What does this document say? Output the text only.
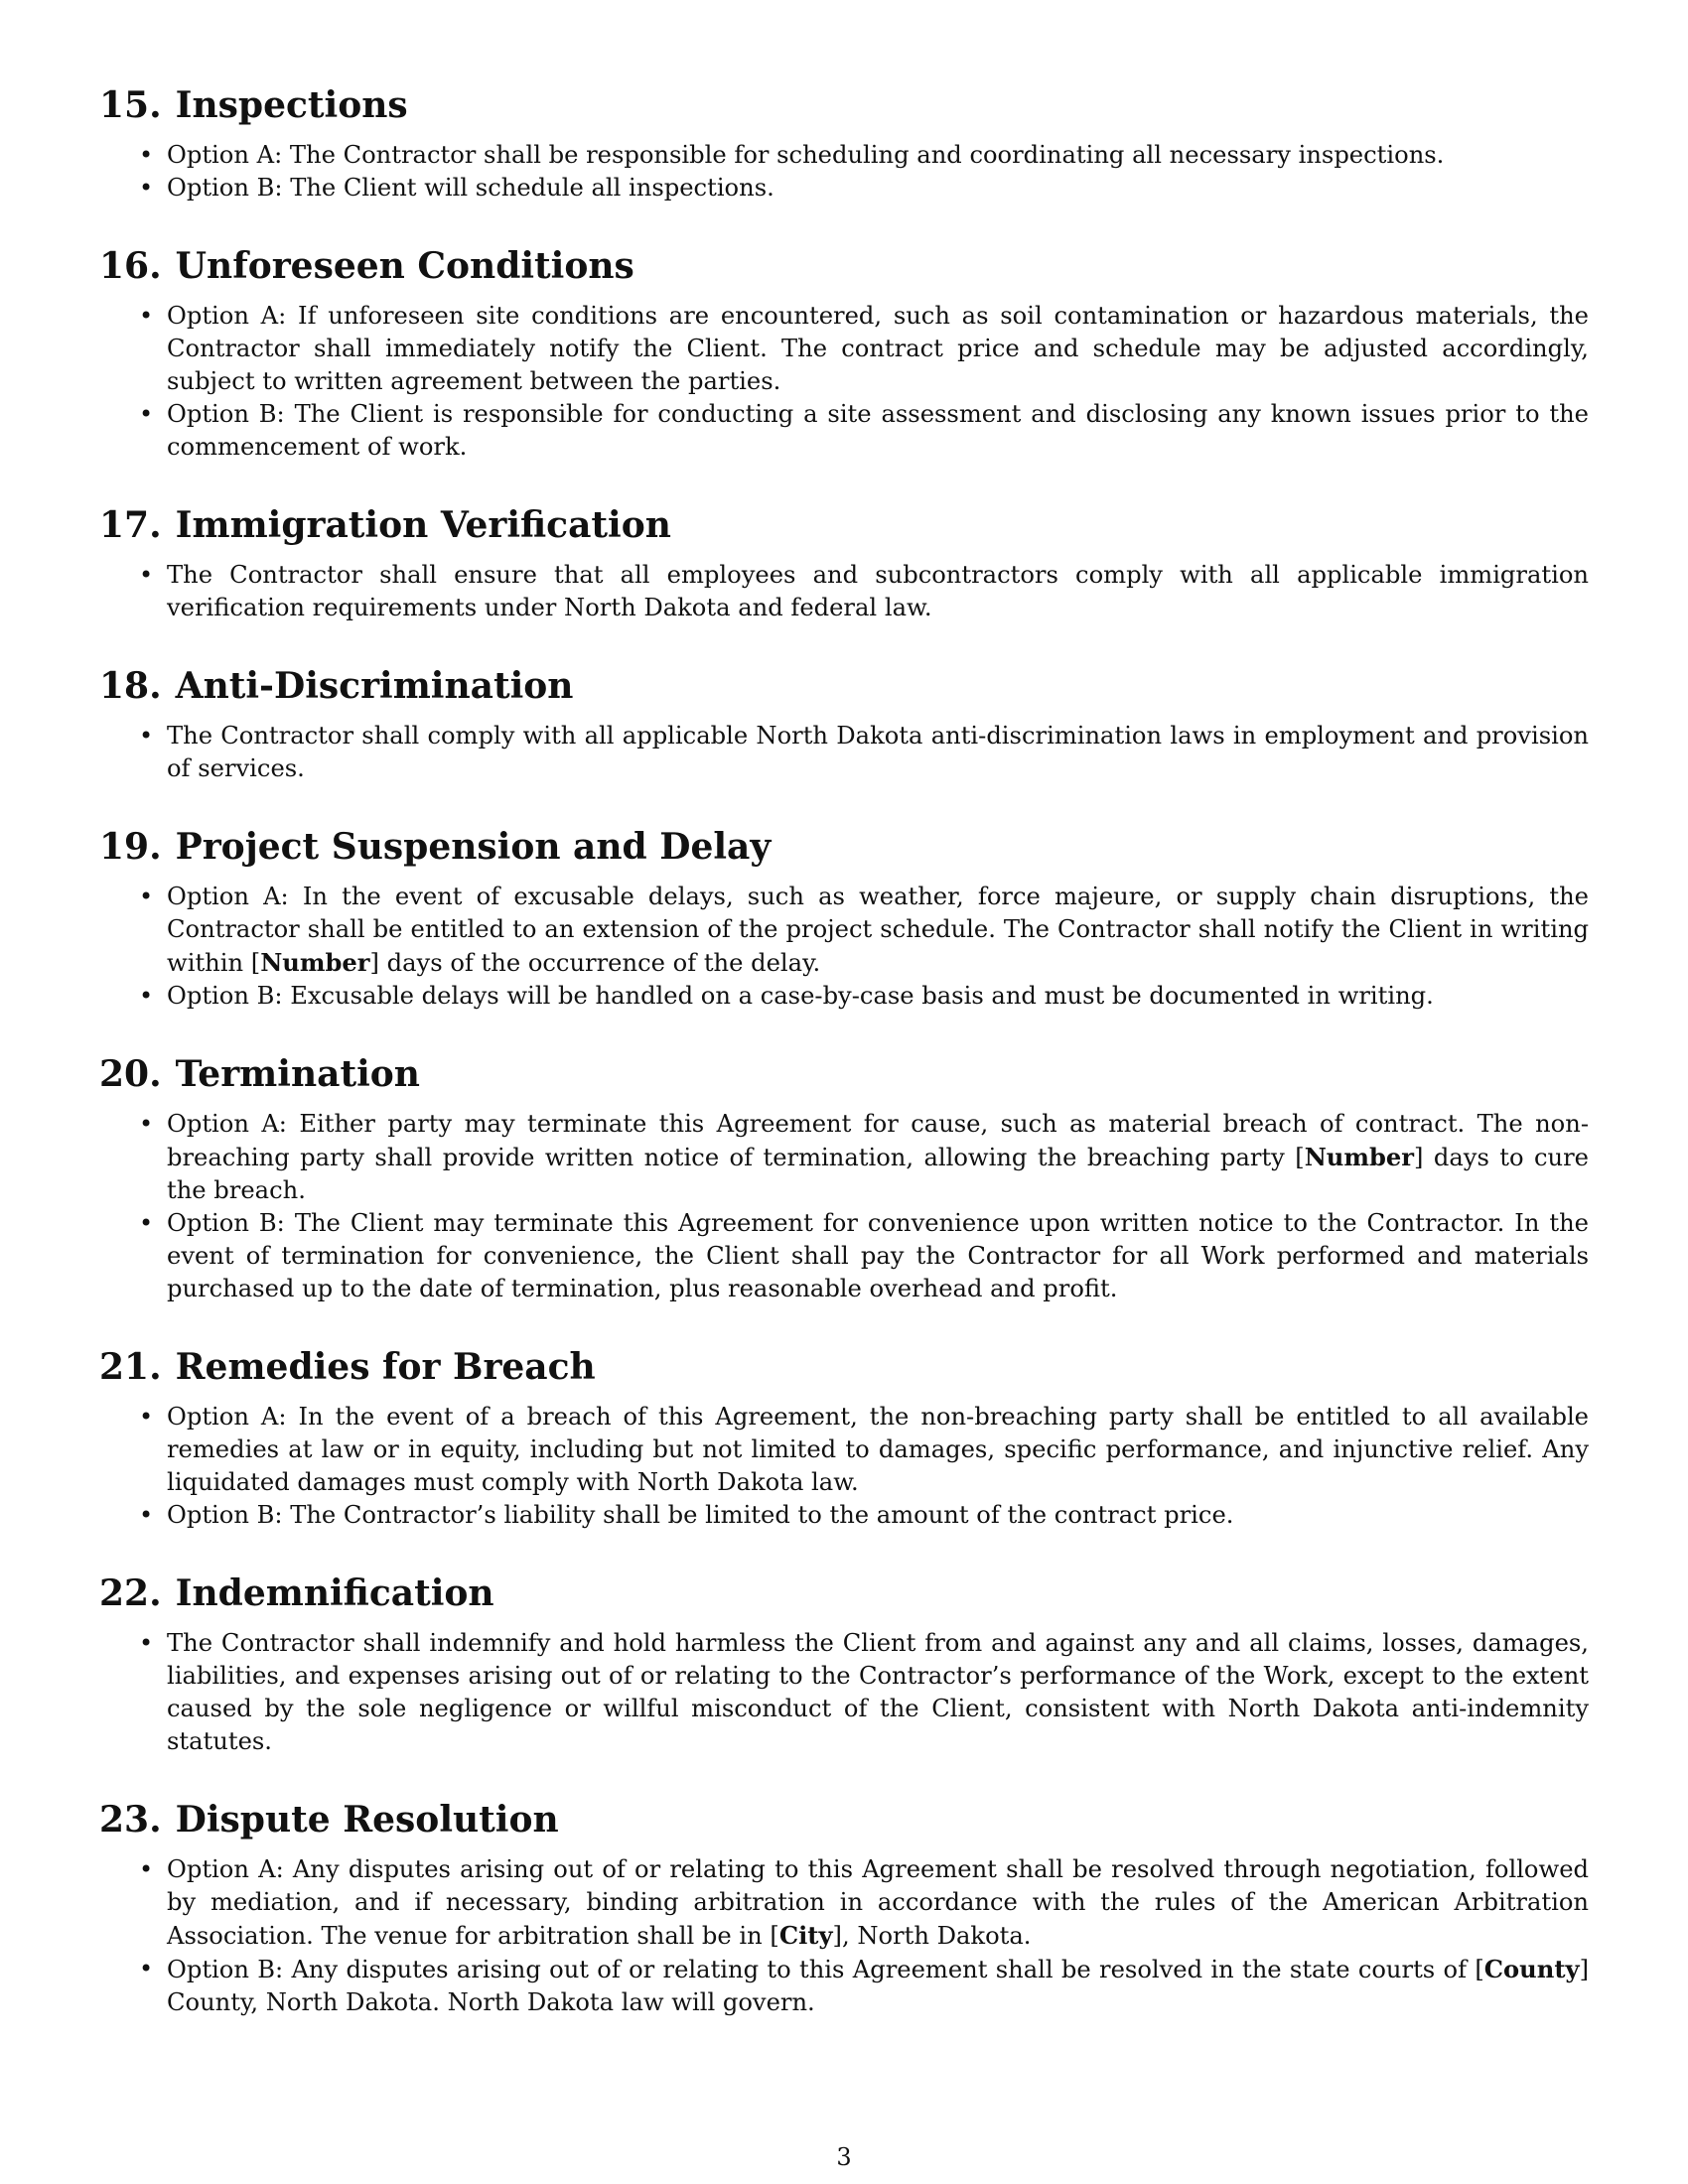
15. Inspections
• Option A: The Contractor shall be responsible for scheduling and coordinating all necessary inspections.
• Option B: The Client will schedule all inspections.
16. Unforeseen Conditions
• Option A: If unforeseen site conditions are encountered, such as soil contamination or hazardous materials, the Contractor shall immediately notify the Client. The contract price and schedule may be adjusted accordingly, subject to written agreement between the parties.
• Option B: The Client is responsible for conducting a site assessment and disclosing any known issues prior to the commencement of work.
17. Immigration Verification
• The Contractor shall ensure that all employees and subcontractors comply with all applicable immigration verification requirements under North Dakota and federal law.
18. Anti-Discrimination
• The Contractor shall comply with all applicable North Dakota anti-discrimination laws in employment and provision of services.
19. Project Suspension and Delay
• Option A: In the event of excusable delays, such as weather, force majeure, or supply chain disruptions, the Contractor shall be entitled to an extension of the project schedule. The Contractor shall notify the Client in writing within [Number] days of the occurrence of the delay.
• Option B: Excusable delays will be handled on a case-by-case basis and must be documented in writing.
20. Termination
• Option A: Either party may terminate this Agreement for cause, such as material breach of contract. The non-breaching party shall provide written notice of termination, allowing the breaching party [Number] days to cure the breach.
• Option B: The Client may terminate this Agreement for convenience upon written notice to the Contractor. In the event of termination for convenience, the Client shall pay the Contractor for all Work performed and materials purchased up to the date of termination, plus reasonable overhead and profit.
21. Remedies for Breach
• Option A: In the event of a breach of this Agreement, the non-breaching party shall be entitled to all available remedies at law or in equity, including but not limited to damages, specific performance, and injunctive relief. Any liquidated damages must comply with North Dakota law.
• Option B: The Contractor’s liability shall be limited to the amount of the contract price.
22. Indemnification
• The Contractor shall indemnify and hold harmless the Client from and against any and all claims, losses, damages, liabilities, and expenses arising out of or relating to the Contractor’s performance of the Work, except to the extent caused by the sole negligence or willful misconduct of the Client, consistent with North Dakota anti-indemnity statutes.
23. Dispute Resolution
• Option A: Any disputes arising out of or relating to this Agreement shall be resolved through negotiation, followed by mediation, and if necessary, binding arbitration in accordance with the rules of the American Arbitration Association. The venue for arbitration shall be in [City], North Dakota.
• Option B: Any disputes arising out of or relating to this Agreement shall be resolved in the state courts of [County] County, North Dakota. North Dakota law will govern.
3
